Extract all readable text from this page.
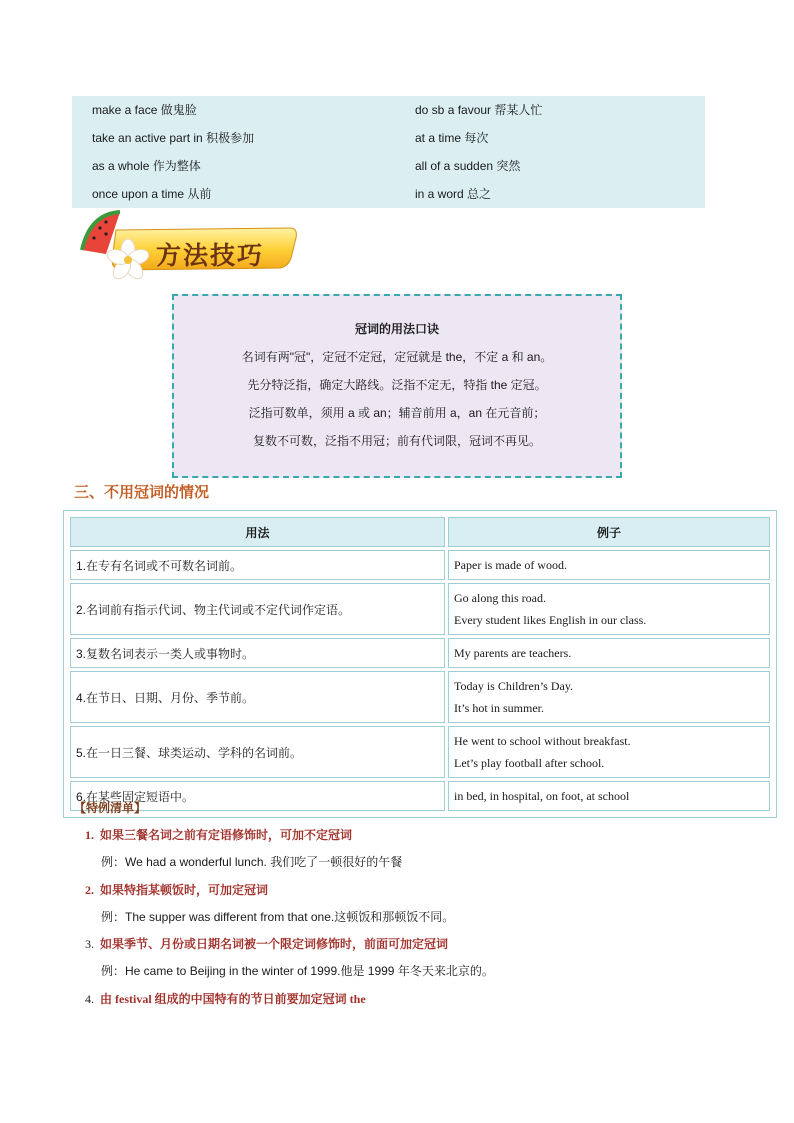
make a face 做鬼脸	do sb a favour 帮某人忙
take an active part in 积极参加	at a time 每次
as a whole 作为整体	all of a sudden 突然
once upon a time 从前	in a word 总之
方法技巧
冠词的用法口诀
名词有两"冠"，定冠不定冠，定冠就是 the，不定 a 和 an。
先分特泛指，确定大路线。泛指不定无，特指 the 定冠。
泛指可数单，须用 a 或 an；辅音前用 a，an 在元音前；
复数不可数，泛指不用冠；前有代词限，冠词不再见。
三、不用冠词的情况
用法	例子
1.在专有名词或不可数名词前。	Paper is made of wood.

2.名词前有指示代词、物主代词或不定代词作定语。	Go along this road.
Every student likes English in our class.

3.复数名词表示一类人或事物时。	My parents are teachers.

4.在节日、日期、月份、季节前。	Today is Children’s Day.
It’s hot in summer.

5.在一日三餐、球类运动、学科的名词前。	He went to school without breakfast.
Let’s play football after school.

6.在某些固定短语中。	in bed, in hospital, on foot, at school
【特例清单】
1. 如果三餐名词之前有定语修饰时，可加不定冠词
例：We had a wonderful lunch. 我们吃了一顿很好的午餐
2. 如果特指某顿饭时，可加定冠词
例：The supper was different from that one.这顿饭和那顿饭不同。
3. 如果季节、月份或日期名词被一个限定词修饰时，前面可加定冠词
例：He came to Beijing in the winter of 1999.他是 1999 年冬天来北京的。
4. 由 festival 组成的中国特有的节日前要加定冠词 the
